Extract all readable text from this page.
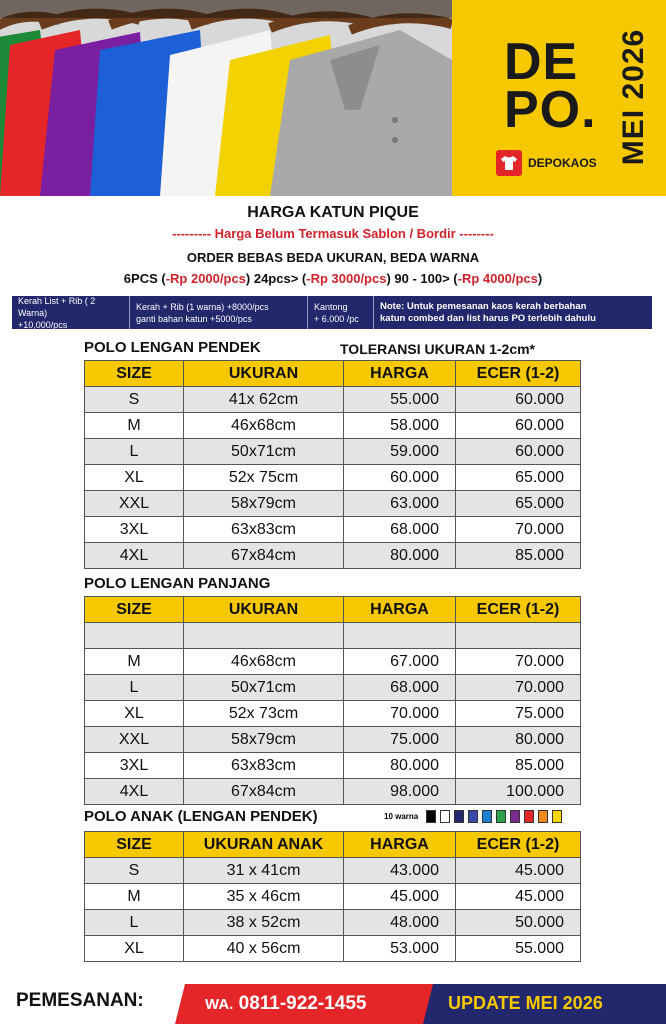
DE
PO. MEI 2026
DEPOKAOS
HARGA KATUN PIQUE
--------- Harga Belum Termasuk Sablon / Bordir --------
ORDER BEBAS BEDA UKURAN, BEDA WARNA
6PCS (-Rp 2000/pcs) 24pcs> (-Rp 3000/pcs) 90 - 100> (-Rp 4000/pcs)
Kerah List + Rib ( 2 Warna)
+10,000/pcs
Kerah + Rib (1 warna) +8000/pcs
ganti bahan katun +5000/pcs
Kantong
+ 6.000 /pc
Note: Untuk pemesanan kaos kerah berbahan
katun combed dan list harus PO terlebih dahulu
POLO LENGAN PENDEK	TOLERANSI UKURAN 1-2cm*
SIZE	UKURAN	HARGA	ECER (1-2)
S	41x 62cm	55.000	60.000
M	46x68cm	58.000	60.000
L	50x71cm	59.000	60.000
XL	52x 75cm	60.000	65.000
XXL	58x79cm	63.000	65.000
3XL	63x83cm	68.000	70.000
4XL	67x84cm	80.000	85.000
POLO LENGAN PANJANG
SIZE	UKURAN	HARGA	ECER (1-2)

M	46x68cm	67.000	70.000
L	50x71cm	68.000	70.000
XL	52x 73cm	70.000	75.000
XXL	58x79cm	75.000	80.000
3XL	63x83cm	80.000	85.000
4XL	67x84cm	98.000	100.000
POLO ANAK (LENGAN PENDEK)	10 warna
SIZE	UKURAN ANAK	HARGA	ECER (1-2)
S	31 x 41cm	43.000	45.000
M	35 x 46cm	45.000	45.000
L	38 x 52cm	48.000	50.000
XL	40 x 56cm	53.000	55.000
PEMESANAN:	WA. 0811-922-1455	UPDATE MEI 2026
